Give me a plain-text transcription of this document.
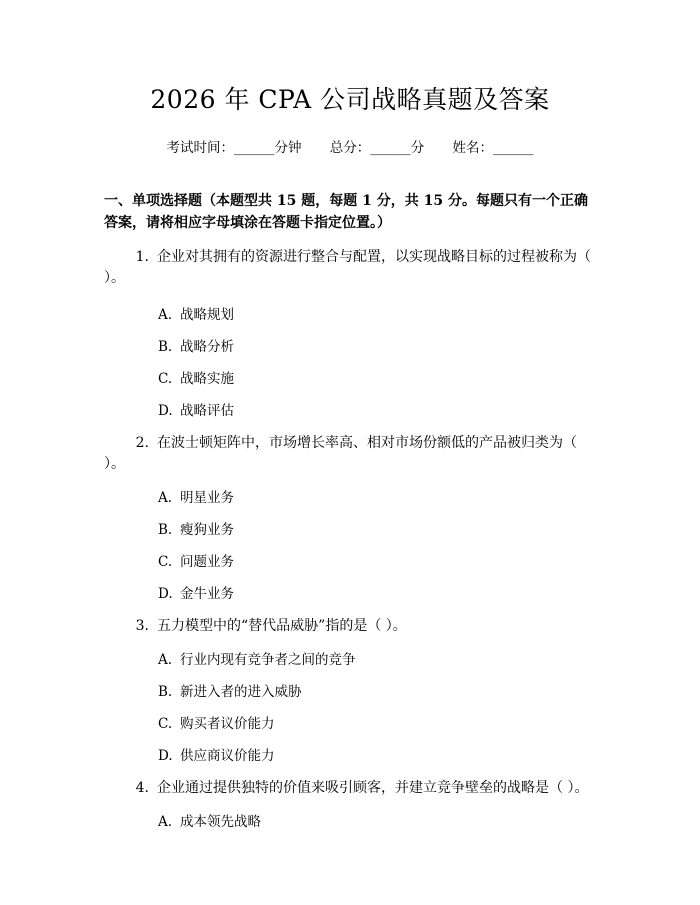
2026 年 CPA 公司战略真题及答案
考试时间：______分钟 总分：______分 姓名：______
一、单项选择题（本题型共 15 题，每题 1 分，共 15 分。每题只有一个正确答案，请将相应字母填涂在答题卡指定位置。）
1. 企业对其拥有的资源进行整合与配置，以实现战略目标的过程被称为（ ）。
A. 战略规划
B. 战略分析
C. 战略实施
D. 战略评估
2. 在波士顿矩阵中，市场增长率高、相对市场份额低的产品被归类为（ ）。
A. 明星业务
B. 瘦狗业务
C. 问题业务
D. 金牛业务
3. 五力模型中的“替代品威胁”指的是（ ）。
A. 行业内现有竞争者之间的竞争
B. 新进入者的进入威胁
C. 购买者议价能力
D. 供应商议价能力
4. 企业通过提供独特的价值来吸引顾客，并建立竞争壁垒的战略是（ ）。
A. 成本领先战略
